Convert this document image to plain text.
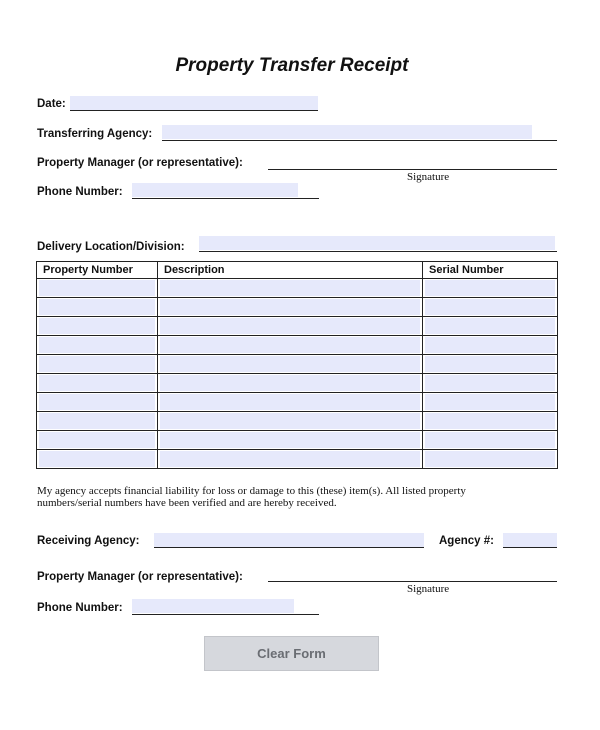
Property Transfer Receipt
Date:
Transferring Agency:
Property Manager (or representative):
Signature
Phone Number:
Delivery Location/Division:
Property Number	Description	Serial Number

My agency accepts financial liability for loss or damage to this (these) item(s). All listed property
numbers/serial numbers have been verified and are hereby received.
Receiving Agency:	Agency #:
Property Manager (or representative):
Signature
Phone Number:
Clear Form
